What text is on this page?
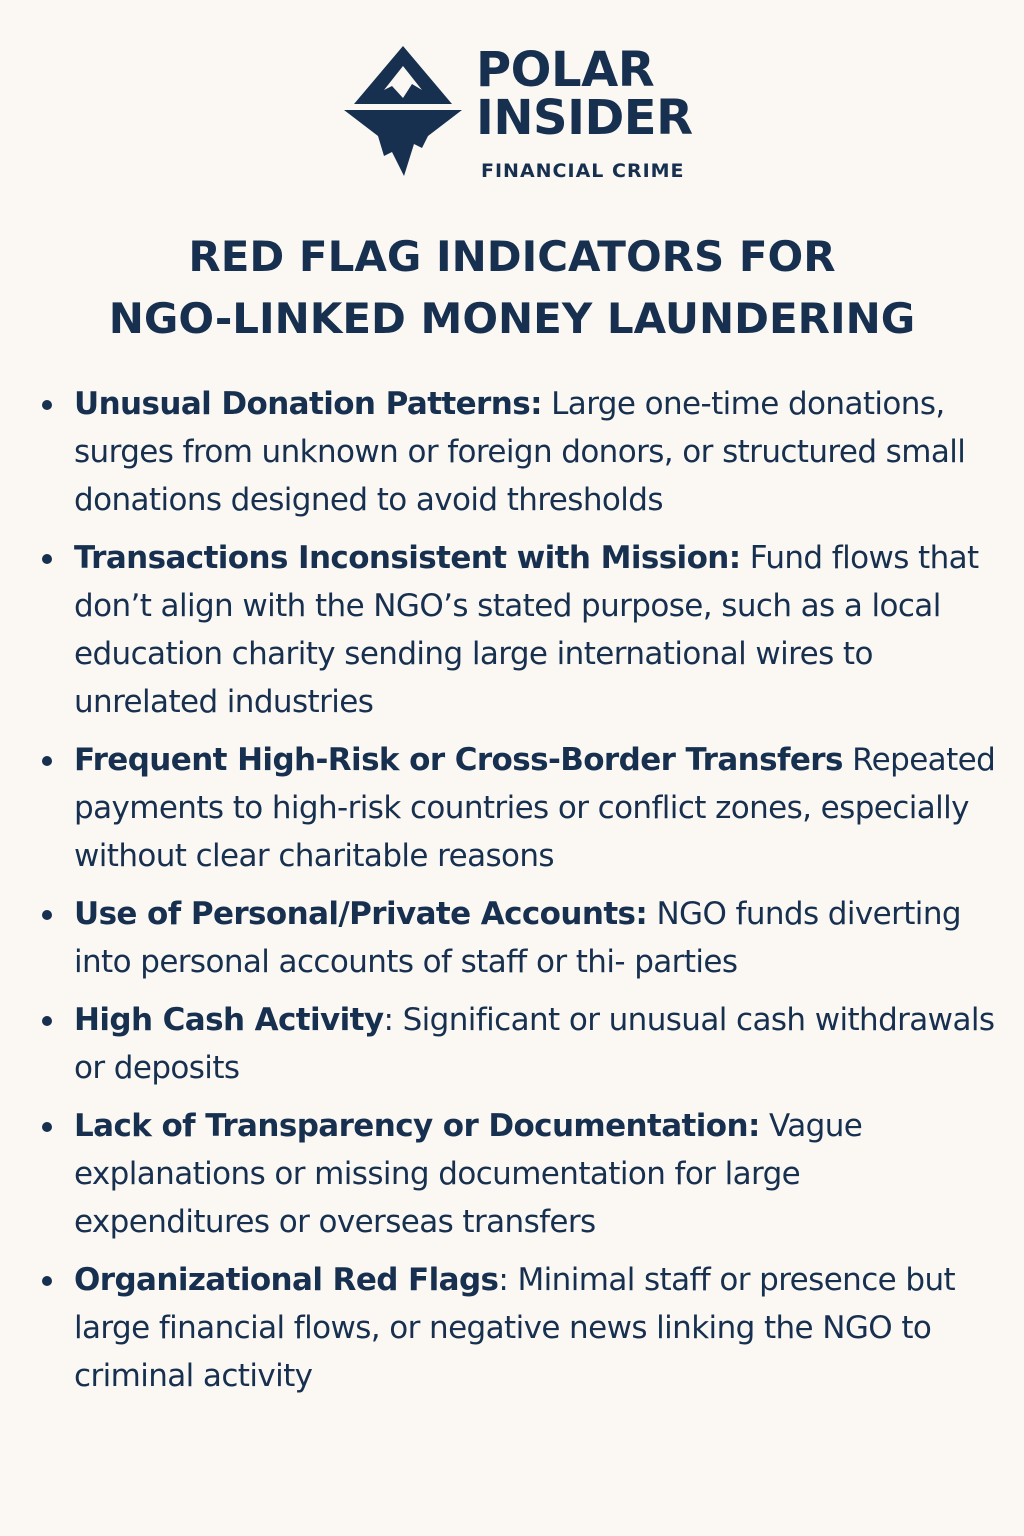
POLAR
INSIDER
FINANCIAL CRIME
RED FLAG INDICATORS FOR
NGO-LINKED MONEY LAUNDERING
Unusual Donation Patterns: Large one-time donations, surges from unknown or foreign donors, or structured small donations designed to avoid thresholds
Transactions Inconsistent with Mission: Fund flows that don’t align with the NGO’s stated purpose, such as a local education charity sending large international wires to unrelated industries
Frequent High-Risk or Cross-Border Transfers Repeated payments to high-risk countries or conflict zones, especially without clear charitable reasons
Use of Personal/Private Accounts: NGO funds diverting into personal accounts of staff or thi- parties
High Cash Activity: Significant or unusual cash withdrawals or deposits
Lack of Transparency or Documentation: Vague explanations or missing documentation for large expenditures or overseas transfers
Organizational Red Flags: Minimal staff or presence but large financial flows, or negative news linking the NGO to criminal activity
